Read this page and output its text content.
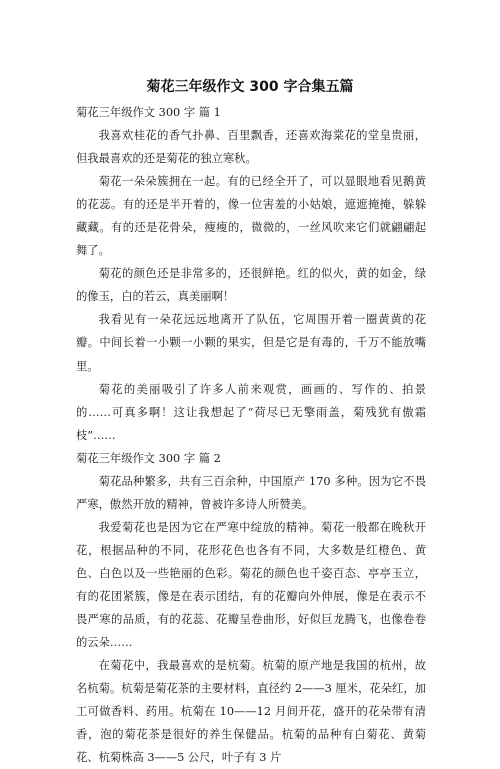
菊花三年级作文 300 字合集五篇

菊花三年级作文 300 字 篇 1

我喜欢桂花的香气扑鼻、百里飘香，还喜欢海棠花的堂皇贵丽，但我最喜欢的还是菊花的独立寒秋。

菊花一朵朵簇拥在一起。有的已经全开了，可以显眼地看见鹅黄的花蕊。有的还是半开着的，像一位害羞的小姑娘，遮遮掩掩，躲躲藏藏。有的还是花骨朵，瘦瘦的，微微的，一丝风吹来它们就翩翩起舞了。

菊花的颜色还是非常多的，还很鲜艳。红的似火，黄的如金，绿的像玉，白的若云，真美丽啊！

我看见有一朵花远远地离开了队伍，它周围开着一圈黄黄的花瓣。中间长着一小颗一小颗的果实，但是它是有毒的，千万不能放嘴里。

菊花的美丽吸引了许多人前来观赏，画画的、写作的、拍景的……可真多啊！这让我想起了“荷尽已无擎雨盖，菊残犹有傲霜枝”……

菊花三年级作文 300 字 篇 2

菊花品种繁多，共有三百余种，中国原产 170 多种。因为它不畏严寒，傲然开放的精神，曾被许多诗人所赞美。

我爱菊花也是因为它在严寒中绽放的精神。菊花一般都在晚秋开花，根据品种的不同，花形花色也各有不同，大多数是红橙色、黄色、白色以及一些艳丽的色彩。菊花的颜色也千姿百态、亭亭玉立，有的花团紧簇，像是在表示团结，有的花瓣向外伸展，像是在表示不畏严寒的品质，有的花蕊、花瓣呈卷曲形，好似巨龙腾飞，也像卷卷的云朵……

在菊花中，我最喜欢的是杭菊。杭菊的原产地是我国的杭州，故名杭菊。杭菊是菊花茶的主要材料，直径约 2——3 厘米，花朵红，加工可做香料、药用。杭菊在 10——12 月间开花，盛开的花朵带有清香，泡的菊花茶是很好的养生保健品。杭菊的品种有白菊花、黄菊花、杭菊株高 3——5 公尺，叶子有 3 片
